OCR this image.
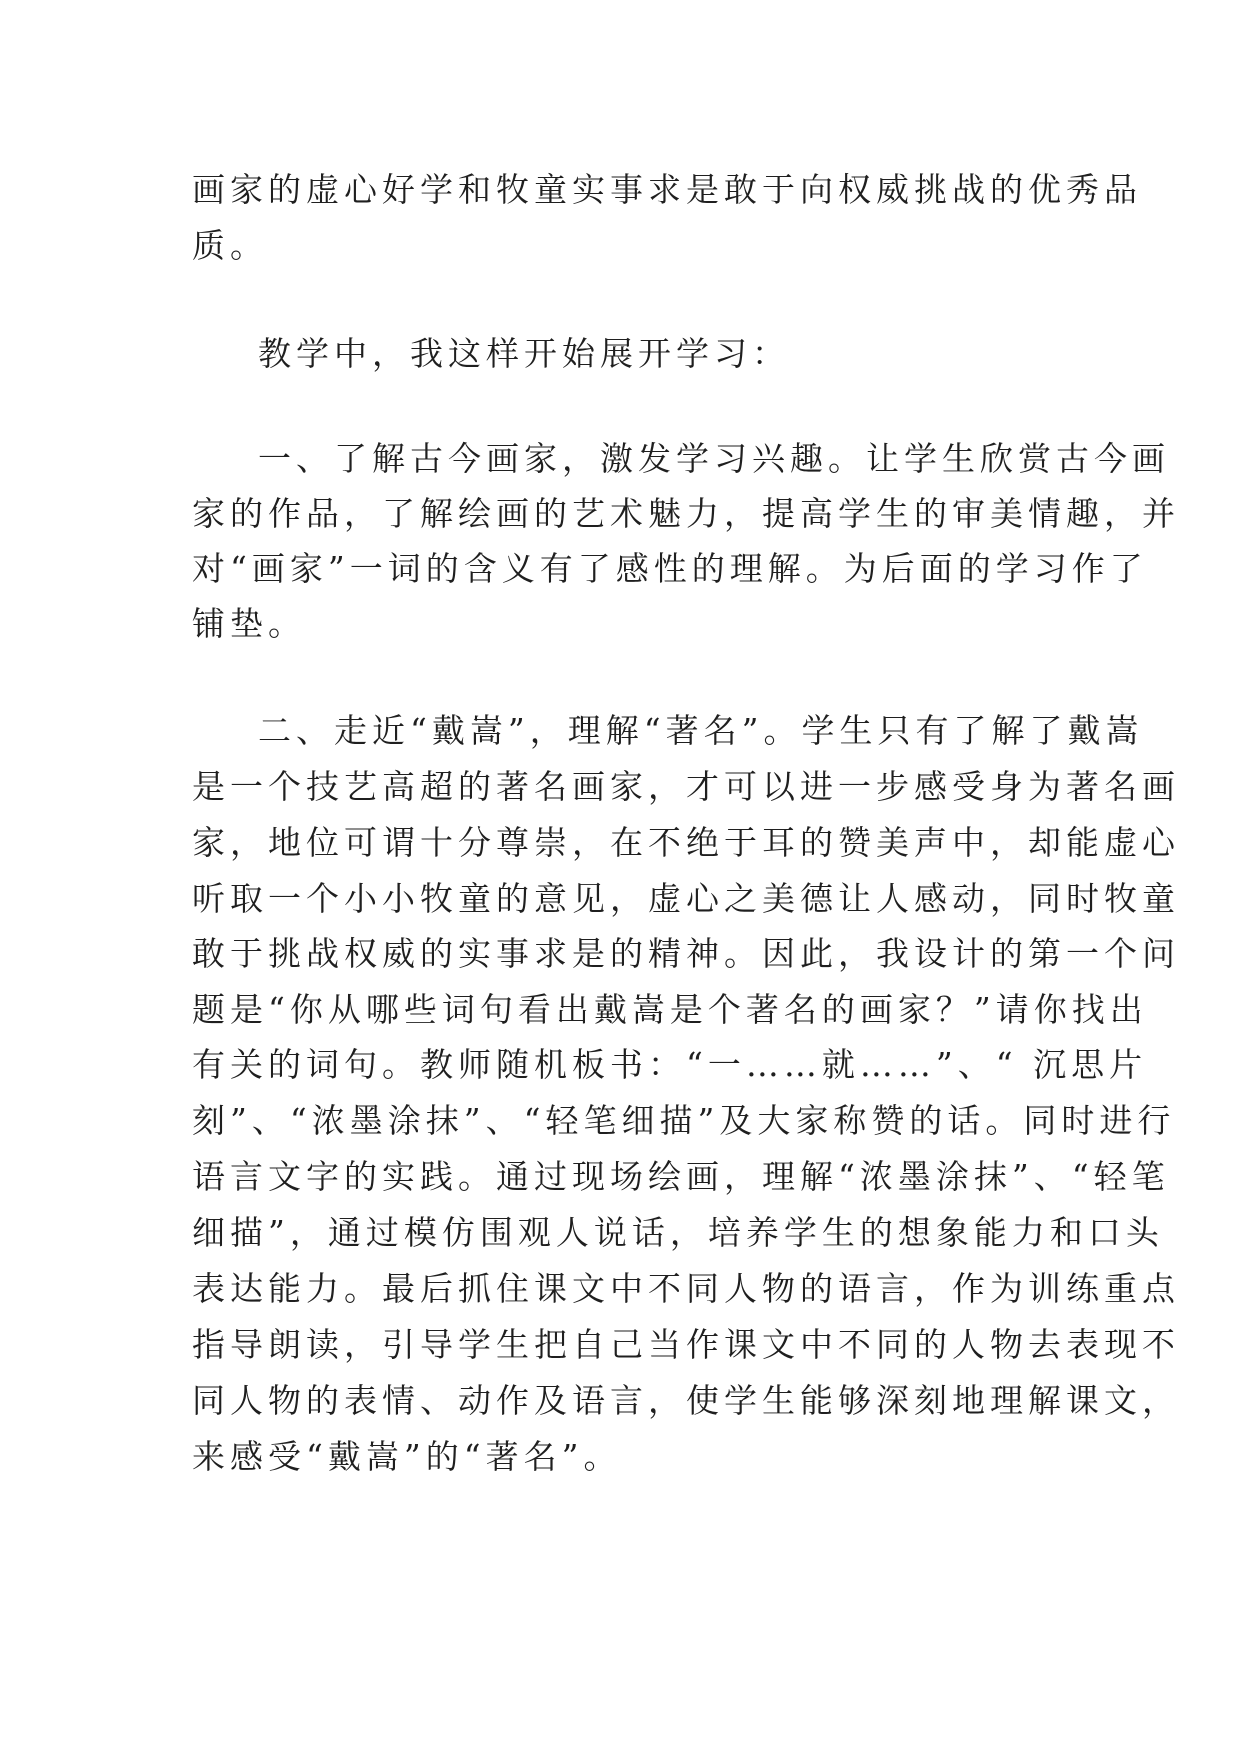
画家的虚心好学和牧童实事求是敢于向权威挑战的优秀品
质。
教学中，我这样开始展开学习：
一、了解古今画家，激发学习兴趣。让学生欣赏古今画
家的作品，了解绘画的艺术魅力，提高学生的审美情趣，并
对“画家”一词的含义有了感性的理解。为后面的学习作了
铺垫。
二、走近“戴嵩”，理解“著名”。学生只有了解了戴嵩
是一个技艺高超的著名画家，才可以进一步感受身为著名画
家，地位可谓十分尊崇，在不绝于耳的赞美声中，却能虚心
听取一个小小牧童的意见，虚心之美德让人感动，同时牧童
敢于挑战权威的实事求是的精神。因此，我设计的第一个问
题是“你从哪些词句看出戴嵩是个著名的画家？”请你找出
有关的词句。教师随机板书：“一……就……”、“ 沉思片
刻”、“浓墨涂抹”、“轻笔细描”及大家称赞的话。同时进行
语言文字的实践。通过现场绘画，理解“浓墨涂抹”、“轻笔
细描”，通过模仿围观人说话，培养学生的想象能力和口头
表达能力。最后抓住课文中不同人物的语言，作为训练重点
指导朗读，引导学生把自己当作课文中不同的人物去表现不
同人物的表情、动作及语言，使学生能够深刻地理解课文，
来感受“戴嵩”的“著名”。
